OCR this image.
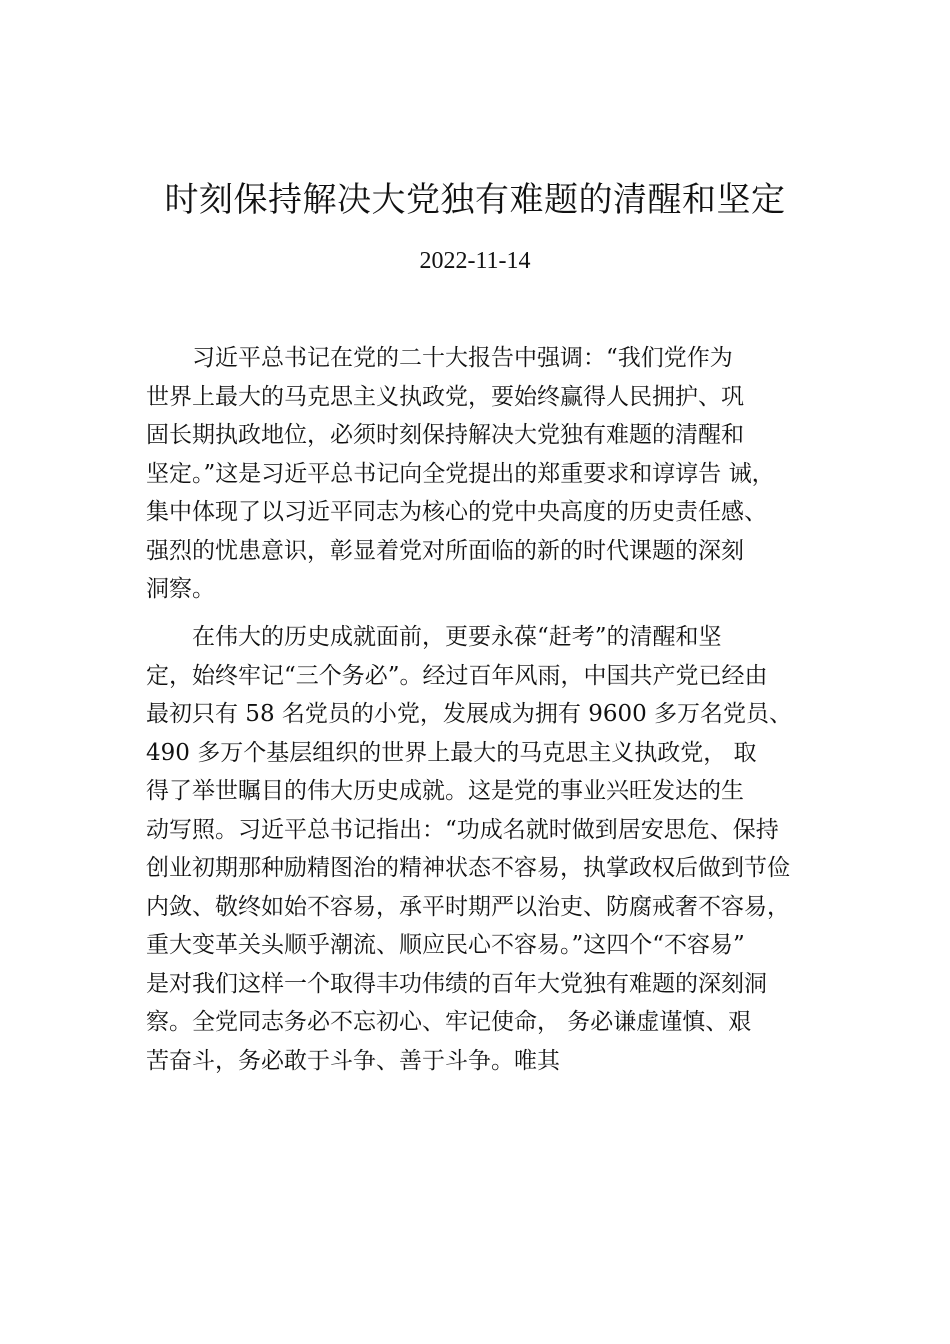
时刻保持解决大党独有难题的清醒和坚定
2022-11-14
　　习近平总书记在党的二十大报告中强调：“我们党作为
世界上最大的马克思主义执政党，要始终赢得人民拥护、巩
固长期执政地位，必须时刻保持解决大党独有难题的清醒和
坚定。”这是习近平总书记向全党提出的郑重要求和谆谆告 诫，
集中体现了以习近平同志为核心的党中央高度的历史责任感、
强烈的忧患意识，彰显着党对所面临的新的时代课题的深刻
洞察。
　　在伟大的历史成就面前，更要永葆“赶考”的清醒和坚
定，始终牢记“三个务必”。经过百年风雨，中国共产党已经由
最初只有 58 名党员的小党，发展成为拥有 9600 多万名党员、
490 多万个基层组织的世界上最大的马克思主义执政党， 取
得了举世瞩目的伟大历史成就。这是党的事业兴旺发达的生
动写照。习近平总书记指出：“功成名就时做到居安思危、保持
创业初期那种励精图治的精神状态不容易，执掌政权后做到节俭
内敛、敬终如始不容易，承平时期严以治吏、防腐戒奢不容易，
重大变革关头顺乎潮流、顺应民心不容易。”这四个“不容易”
是对我们这样一个取得丰功伟绩的百年大党独有难题的深刻洞
察。全党同志务必不忘初心、牢记使命， 务必谦虚谨慎、艰
苦奋斗，务必敢于斗争、善于斗争。唯其
